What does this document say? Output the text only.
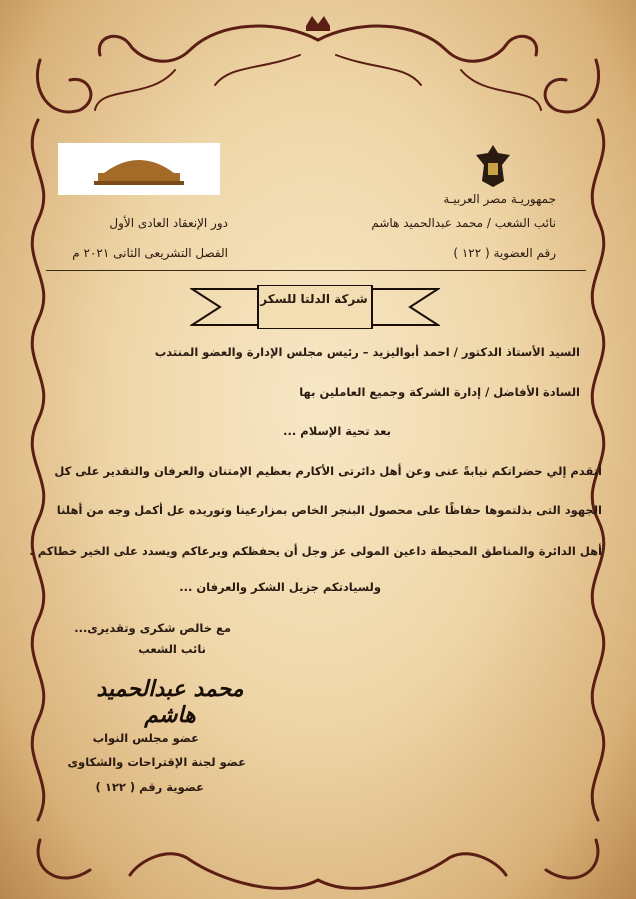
جمهوريـة مصر العربيـة
نائب الشعب / محمد عبدالحميد هاشم
رقم العضوية ( ١٢٢ )
دور الإنعقاد العادى الأول
الفصل التشريعى الثانى ٢٠٢١ م
شركة الدلتا للسكر
السيد الأستاذ الدكتور / احمد أبواليزيد – رئيس مجلس الإدارة والعضو المنتدب
السادة الأفاضل / إدارة الشركة وجميع العاملين بها
بعد تحية الإسلام ...
أتقدم إلي حضراتكم نيابةً عنى وعن أهل دائرتى الأكارم بعظيم الإمتنان والعرفان والتقدير على كل
الجهود التى بذلتموها حفاظًا على محصول البنجر الخاص بمزارعينا وتوريده عل أكمل وجه من أهلنا
أهل الدائرة والمناطق المحيطة داعين المولى عز وجل أن يحفظكم ويرعاكم ويسدد على الخير خطاكم .
ولسيادتكم جزيل الشكر والعرفان ...
مع خالص شكرى وتقديرى...
نائب الشعب
محمد عبدالحميد هاشم
عضو مجلس النواب
عضو لجنة الإقتراحات والشكاوى
عضوية رقم ( ١٢٢ )
